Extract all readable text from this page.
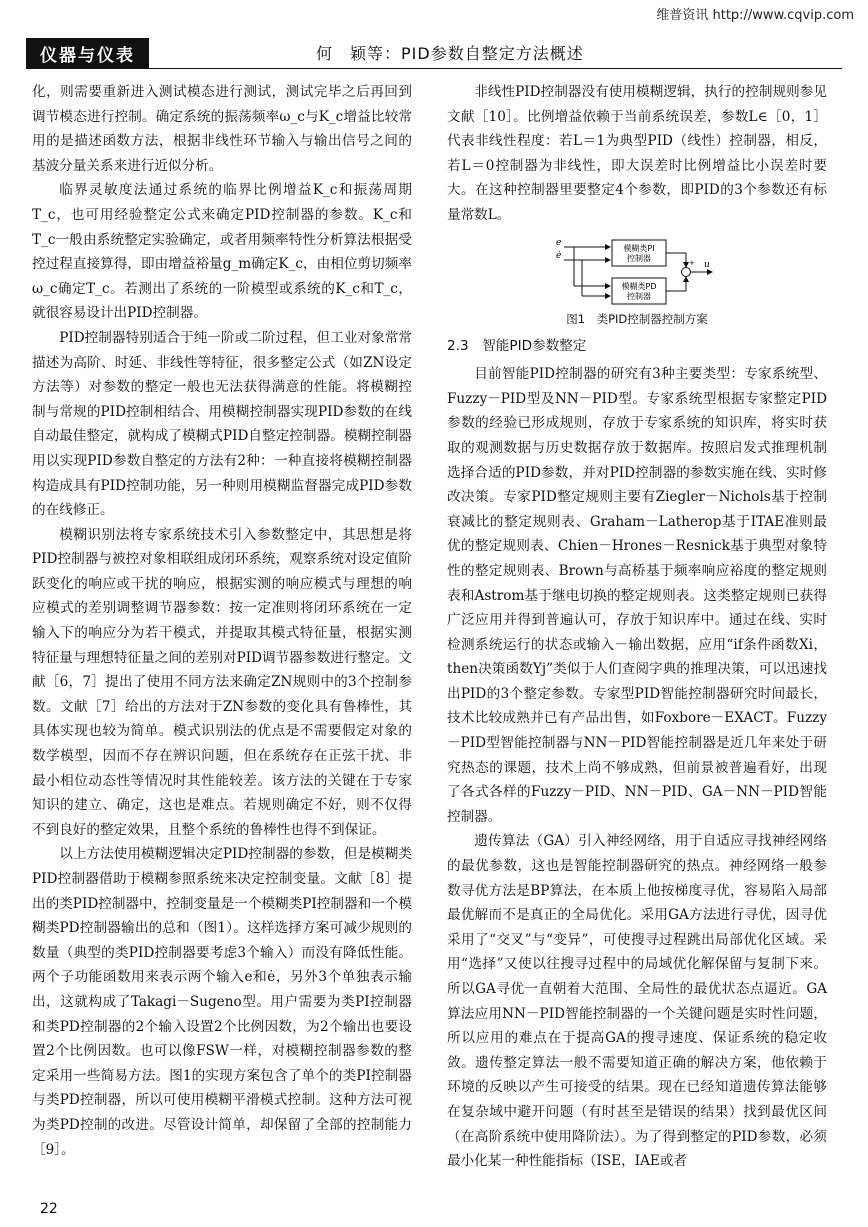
维普资讯 http://www.cqvip.com
仪器与仪表	何　颖等：PID参数自整定方法概述

化，则需要重新进入测试模态进行测试，测试完毕之后再回到调节模态进行控制。确定系统的振荡频率ω_c与K_c增益比较常用的是描述函数方法，根据非线性环节输入与输出信号之间的基波分量关系来进行近似分析。

临界灵敏度法通过系统的临界比例增益K_c和振荡周期T_c，也可用经验整定公式来确定PID控制器的参数。K_c和T_c一般由系统整定实验确定，或者用频率特性分析算法根据受控过程直接算得，即由增益裕量g_m确定K_c，由相位剪切频率ω_c确定T_c。若测出了系统的一阶模型或系统的K_c和T_c，就很容易设计出PID控制器。

PID控制器特别适合于纯一阶或二阶过程，但工业对象常常描述为高阶、时延、非线性等特征，很多整定公式（如ZN设定方法等）对参数的整定一般也无法获得满意的性能。将模糊控制与常规的PID控制相结合、用模糊控制器实现PID参数的在线自动最佳整定，就构成了模糊式PID自整定控制器。模糊控制器用以实现PID参数自整定的方法有2种：一种直接将模糊控制器构造成具有PID控制功能，另一种则用模糊监督器完成PID参数的在线修正。

模糊识别法将专家系统技术引入参数整定中，其思想是将PID控制器与被控对象相联组成闭环系统，观察系统对设定值阶跃变化的响应或干扰的响应，根据实测的响应模式与理想的响应模式的差别调整调节器参数：按一定准则将闭环系统在一定输入下的响应分为若干模式，并提取其模式特征量，根据实测特征量与理想特征量之间的差别对PID调节器参数进行整定。文献［6，7］提出了使用不同方法来确定ZN规则中的3个控制参数。文献［7］给出的方法对于ZN参数的变化具有鲁棒性，其具体实现也较为简单。模式识别法的优点是不需要假定对象的数学模型，因而不存在辨识问题，但在系统存在正弦干扰、非最小相位动态性等情况时其性能较差。该方法的关键在于专家知识的建立、确定，这也是难点。若规则确定不好，则不仅得不到良好的整定效果，且整个系统的鲁棒性也得不到保证。

以上方法使用模糊逻辑决定PID控制器的参数，但是模糊类PID控制器借助于模糊参照系统来决定控制变量。文献［8］提出的类PID控制器中，控制变量是一个模糊类PI控制器和一个模糊类PD控制器输出的总和（图1）。这样选择方案可减少规则的数量（典型的类PID控制器要考虑3个输入）而没有降低性能。两个子功能函数用来表示两个输入e和ė，另外3个单独表示输出，这就构成了Takagi－Sugeno型。用户需要为类PI控制器和类PD控制器的2个输入设置2个比例因数，为2个输出也要设置2个比例因数。也可以像FSW一样，对模糊控制器参数的整定采用一些简易方法。图1的实现方案包含了单个的类PI控制器与类PD控制器，所以可使用模糊平滑模式控制。这种方法可视为类PD控制的改进。尽管设计简单，却保留了全部的控制能力［9］。

非线性PID控制器没有使用模糊逻辑，执行的控制规则参见文献［10］。比例增益依赖于当前系统误差，参数L∈［0，1］代表非线性程度：若L＝1为典型PID（线性）控制器，相反，若L＝0控制器为非线性，即大误差时比例增益比小误差时要大。在这种控制器里要整定4个参数，即PID的3个参数还有标量常数L。

e
ė
模糊类PI
控制器
模糊类PD
控制器
+ u
图1　类PID控制器控制方案
2.3　智能PID参数整定

目前智能PID控制器的研究有3种主要类型：专家系统型、Fuzzy－PID型及NN－PID型。专家系统型根据专家整定PID参数的经验已形成规则，存放于专家系统的知识库，将实时获取的观测数据与历史数据存放于数据库。按照启发式推理机制选择合适的PID参数，并对PID控制器的参数实施在线、实时修改决策。专家PID整定规则主要有Ziegler－Nichols基于控制衰减比的整定规则表、Graham－Latherop基于ITAE准则最优的整定规则表、Chien－Hrones－Resnick基于典型对象特性的整定规则表、Brown与高桥基于频率响应裕度的整定规则表和Astrom基于继电切换的整定规则表。这类整定规则已获得广泛应用并得到普遍认可，存放于知识库中。通过在线、实时检测系统运行的状态或输入－输出数据，应用“if条件函数Xi，then决策函数Yj”类似于人们查阅字典的推理决策，可以迅速找出PID的3个整定参数。专家型PID智能控制器研究时间最长，技术比较成熟并已有产品出售，如Foxbore－EXACT。Fuzzy－PID型智能控制器与NN－PID智能控制器是近几年来处于研究热态的课题，技术上尚不够成熟，但前景被普遍看好，出现了各式各样的Fuzzy－PID、NN－PID、GA－NN－PID智能控制器。

遗传算法（GA）引入神经网络，用于自适应寻找神经网络的最优参数，这也是智能控制器研究的热点。神经网络一般参数寻优方法是BP算法，在本质上他按梯度寻优，容易陷入局部最优解而不是真正的全局优化。采用GA方法进行寻优，因寻优采用了“交叉”与“变异”，可使搜寻过程跳出局部优化区域。采用“选择”又使以往搜寻过程中的局域优化解保留与复制下来。所以GA寻优一直朝着大范围、全局性的最优状态点逼近。GA算法应用NN－PID智能控制器的一个关键问题是实时性问题，所以应用的难点在于提高GA的搜寻速度、保证系统的稳定收敛。遗传整定算法一般不需要知道正确的解决方案，他依赖于环境的反映以产生可接受的结果。现在已经知道遗传算法能够在复杂域中避开问题（有时甚至是错误的结果）找到最优区间（在高阶系统中使用降阶法）。为了得到整定的PID参数，必须最小化某一种性能指标（ISE，IAE或者

22
